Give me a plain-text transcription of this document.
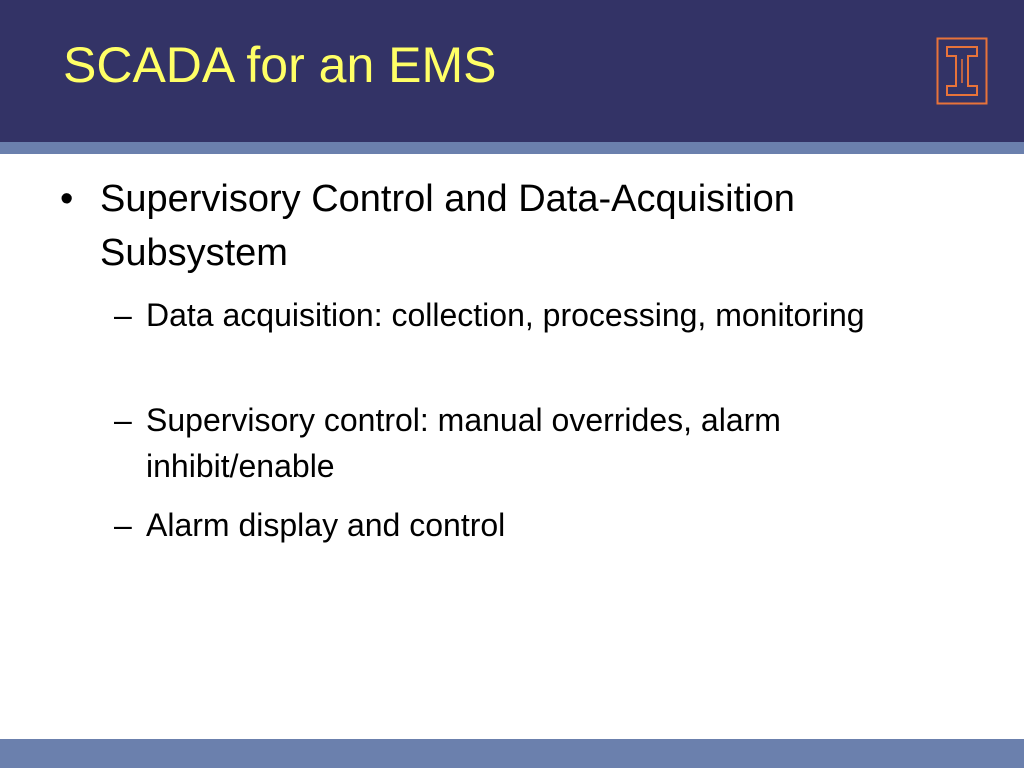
SCADA for an EMS
• Supervisory Control and Data-Acquisition Subsystem
– Data acquisition: collection, processing, monitoring
– Supervisory control: manual overrides, alarm inhibit/enable
– Alarm display and control
